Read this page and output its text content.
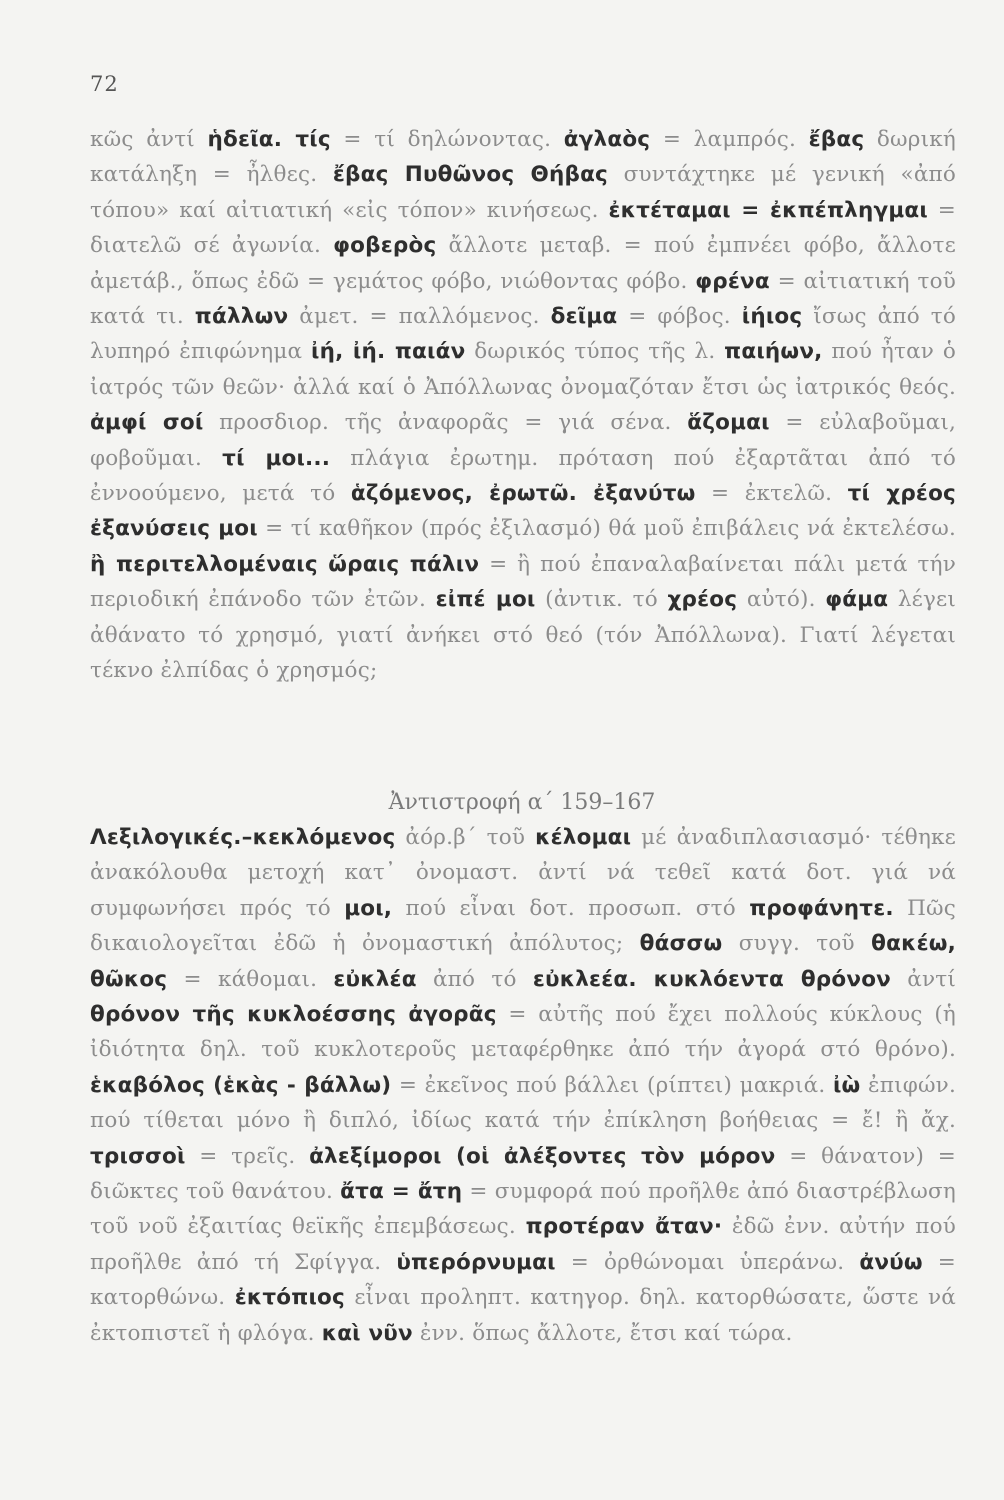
72
κῶς ἀντί ἡδεῖα. τίς = τί δηλώνοντας. ἀγλαὸς = λαμπρός. ἔβας δωρική κατάληξη = ἦλθες. ἔβας Πυθῶνος Θήβας συντάχτηκε μέ γενική «ἀπό τόπου» καί αἰτιατική «εἰς τόπον» κινήσεως. ἐκτέταμαι = ἐκπέπληγμαι = διατελῶ σέ ἀγωνία. φοβερὸς ἄλλοτε μεταβ. = πού ἐμπνέει φόβο, ἄλλοτε ἀμετάβ., ὅπως ἐδῶ = γεμάτος φόβο, νιώθοντας φόβο. φρένα = αἰτιατική τοῦ κατά τι. πάλλων ἀμετ. = παλλόμενος. δεῖμα = φόβος. ἰήιος ἴσως ἀπό τό λυπηρό ἐπιφώνημα ἰή, ἰή. παιάν δωρικός τύπος τῆς λ. παιήων, πού ἦταν ὁ ἰατρός τῶν θεῶν· ἀλλά καί ὁ Ἀπόλλωνας ὀνομαζόταν ἔτσι ὡς ἰατρικός θεός. ἀμφί σοί προσδιορ. τῆς ἀναφορᾶς = γιά σένα. ἅζομαι = εὐλαβοῦμαι, φοβοῦμαι. τί μοι... πλάγια ἐρωτημ. πρόταση πού ἐξαρτᾶται ἀπό τό ἐννοούμενο, μετά τό ἁζόμενος, ἐρωτῶ. ἐξανύτω = ἐκτελῶ. τί χρέος ἐξανύσεις μοι = τί καθῆκον (πρός ἐξιλασμό) θά μοῦ ἐπιβάλεις νά ἐκτελέσω. ἢ περιτελλομέναις ὥραις πάλιν = ἢ πού ἐπαναλαβαίνεται πάλι μετά τήν περιοδική ἐπάνοδο τῶν ἐτῶν. εἰπέ μοι (ἀντικ. τό χρέος αὐτό). φάμα λέγει ἀθάνατο τό χρησμό, γιατί ἀνήκει στό θεό (τόν Ἀπόλλωνα). Γιατί λέγεται τέκνο ἐλπίδας ὁ χρησμός;
Ἀντιστροφή α΄ 159–167
Λεξιλογικές.–κεκλόμενος ἀόρ.β΄ τοῦ κέλομαι μέ ἀναδιπλασιασμό· τέθηκε ἀνακόλουθα μετοχή κατ᾽ ὀνομαστ. ἀντί νά τεθεῖ κατά δοτ. γιά νά συμφωνήσει πρός τό μοι, πού εἶναι δοτ. προσωπ. στό προφάνητε. Πῶς δικαιολογεῖται ἐδῶ ἡ ὀνομαστική ἀπόλυτος; θάσσω συγγ. τοῦ θακέω, θῶκος = κάθομαι. εὐκλέα ἀπό τό εὐκλεέα. κυκλόεντα θρόνον ἀντί θρόνον τῆς κυκλοέσσης ἀγορᾶς = αὐτῆς πού ἔχει πολλούς κύκλους (ἡ ἰδιότητα δηλ. τοῦ κυκλοτεροῦς μεταφέρθηκε ἀπό τήν ἀγορά στό θρόνο). ἑκαβόλος (ἑκὰς - βάλλω) = ἐκεῖνος πού βάλλει (ρίπτει) μακριά. ἰὼ ἐπιφών. πού τίθεται μόνο ἢ διπλό, ἰδίως κατά τήν ἐπίκληση βοήθειας = ἔ! ἢ ἄχ. τρισσοὶ = τρεῖς. ἀλεξίμοροι (οἱ ἀλέξοντες τὸν μόρον = θάνατον) = διῶκτες τοῦ θανάτου. ἄτα = ἄτη = συμφορά πού προῆλθε ἀπό διαστρέβλωση τοῦ νοῦ ἐξαιτίας θεϊκῆς ἐπεμβάσεως. προτέραν ἄταν· ἐδῶ ἐνν. αὐτήν πού προῆλθε ἀπό τή Σφίγγα. ὑπερόρνυμαι = ὀρθώνομαι ὑπεράνω. ἀνύω = κατορθώνω. ἐκτόπιος εἶναι προληπτ. κατηγορ. δηλ. κατορθώσατε, ὥστε νά ἐκτοπιστεῖ ἡ φλόγα. καὶ νῦν ἐνν. ὅπως ἄλλοτε, ἔτσι καί τώρα.
